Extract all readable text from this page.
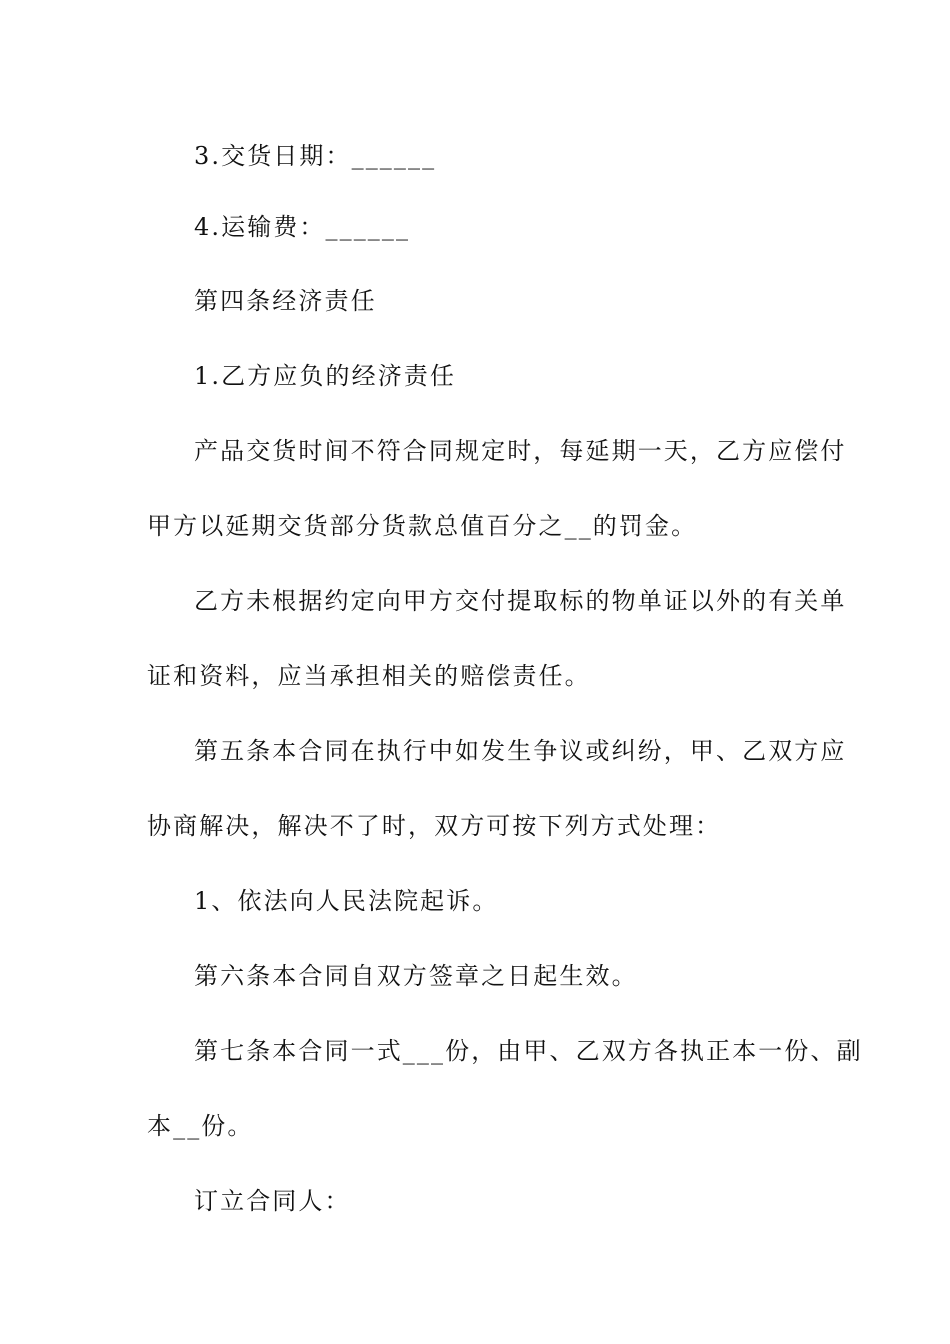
3.交货日期：______
4.运输费：______
第四条经济责任
1.乙方应负的经济责任
产品交货时间不符合同规定时，每延期一天，乙方应偿付
甲方以延期交货部分货款总值百分之__的罚金。
乙方未根据约定向甲方交付提取标的物单证以外的有关单
证和资料，应当承担相关的赔偿责任。
第五条本合同在执行中如发生争议或纠纷，甲、乙双方应
协商解决，解决不了时，双方可按下列方式处理：
1、依法向人民法院起诉。
第六条本合同自双方签章之日起生效。
第七条本合同一式___份，由甲、乙双方各执正本一份、副
本__份。
订立合同人：
